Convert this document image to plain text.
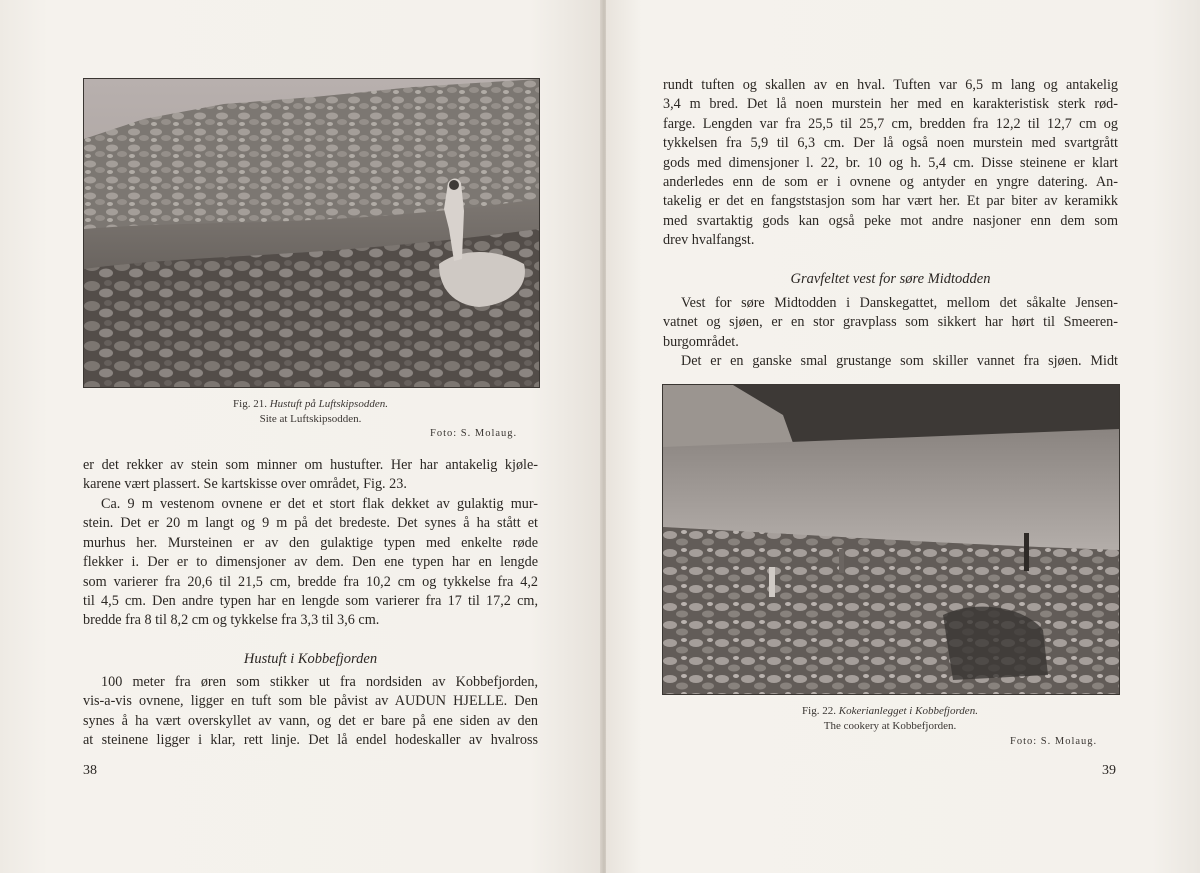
Fig. 21. Hustuft på Luftskipsodden.
Site at Luftskipsodden.
Foto: S. Molaug.
er det rekker av stein som minner om hustufter. Her har antakelig kjøle-
karene vært plassert. Se kartskisse over området, Fig. 23.
Ca. 9 m vestenom ovnene er det et stort flak dekket av gulaktig mur-
stein. Det er 20 m langt og 9 m på det bredeste. Det synes å ha stått et
murhus her. Mursteinen er av den gulaktige typen med enkelte røde
flekker i. Der er to dimensjoner av dem. Den ene typen har en lengde
som varierer fra 20,6 til 21,5 cm, bredde fra 10,2 cm og tykkelse fra 4,2
til 4,5 cm. Den andre typen har en lengde som varierer fra 17 til 17,2 cm,
bredde fra 8 til 8,2 cm og tykkelse fra 3,3 til 3,6 cm.
Hustuft i Kobbefjorden
100 meter fra øren som stikker ut fra nordsiden av Kobbefjorden,
vis-a-vis ovnene, ligger en tuft som ble påvist av AUDUN HJELLE. Den
synes å ha vært overskyllet av vann, og det er bare på ene siden av den
at steinene ligger i klar, rett linje. Det lå endel hodeskaller av hvalross
38
rundt tuften og skallen av en hval. Tuften var 6,5 m lang og antakelig
3,4 m bred. Det lå noen murstein her med en karakteristisk sterk rød-
farge. Lengden var fra 25,5 til 25,7 cm, bredden fra 12,2 til 12,7 cm og
tykkelsen fra 5,9 til 6,3 cm. Der lå også noen murstein med svartgrått
gods med dimensjoner l. 22, br. 10 og h. 5,4 cm. Disse steinene er klart
anderledes enn de som er i ovnene og antyder en yngre datering. An-
takelig er det en fangststasjon som har vært her. Et par biter av keramikk
med svartaktig gods kan også peke mot andre nasjoner enn dem som
drev hvalfangst.
Gravfeltet vest for søre Midtodden
Vest for søre Midtodden i Danskegattet, mellom det såkalte Jensen-
vatnet og sjøen, er en stor gravplass som sikkert har hørt til Smeeren-
burgområdet.
Det er en ganske smal grustange som skiller vannet fra sjøen. Midt
Fig. 22. Kokerianlegget i Kobbefjorden.
The cookery at Kobbefjorden.
Foto: S. Molaug.
39
